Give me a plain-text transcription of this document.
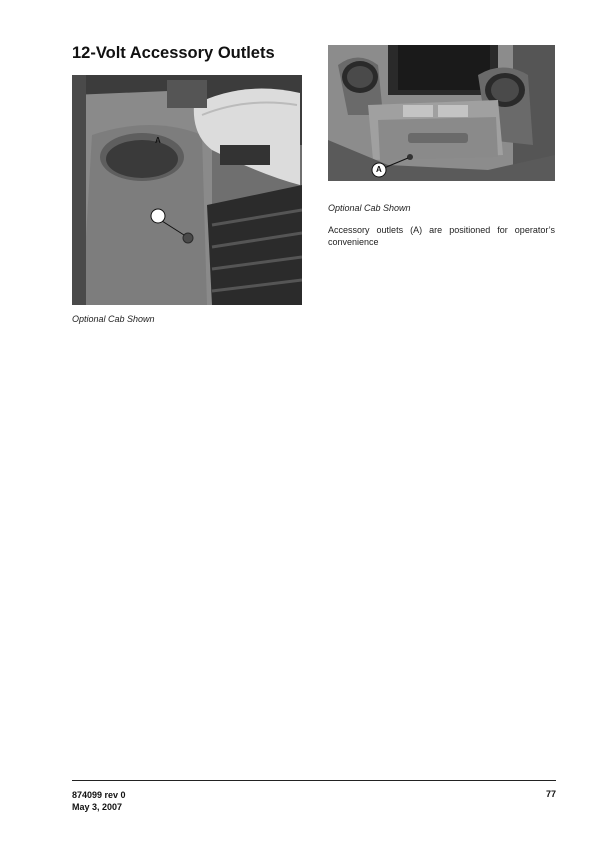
12-Volt Accessory Outlets
A
Optional Cab Shown
A
Optional Cab Shown
Accessory outlets (A) are positioned for operator’s convenience
874099 rev 0
May 3, 2007
77
